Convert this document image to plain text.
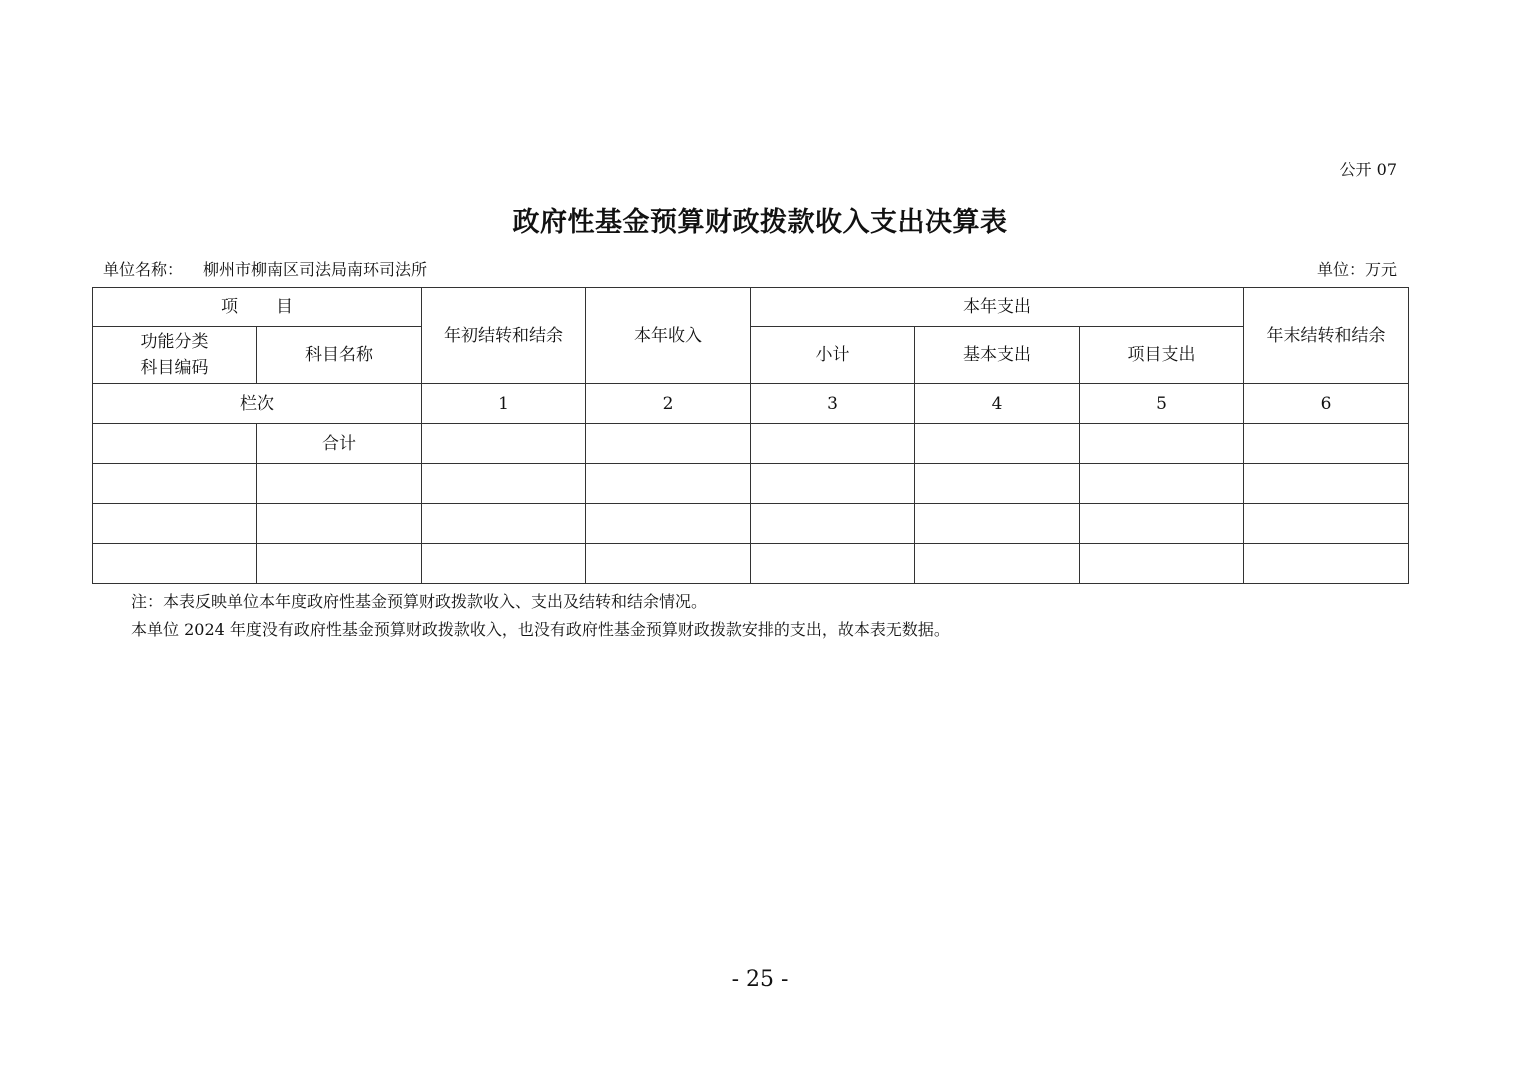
公开 07
政府性基金预算财政拨款收入支出决算表
单位名称： 柳州市柳南区司法局南环司法所	单位：万元
项 目		年初结转和结余	本年收入	本年支出			年末结转和结余

功能分类
科目编码	科目名称			小计	基本支出	项目支出	
栏次		1	2	3	4	5	6
	合计						

注：本表反映单位本年度政府性基金预算财政拨款收入、支出及结转和结余情况。
本单位 2024 年度没有政府性基金预算财政拨款收入，也没有政府性基金预算财政拨款安排的支出，故本表无数据。
- 25 -
